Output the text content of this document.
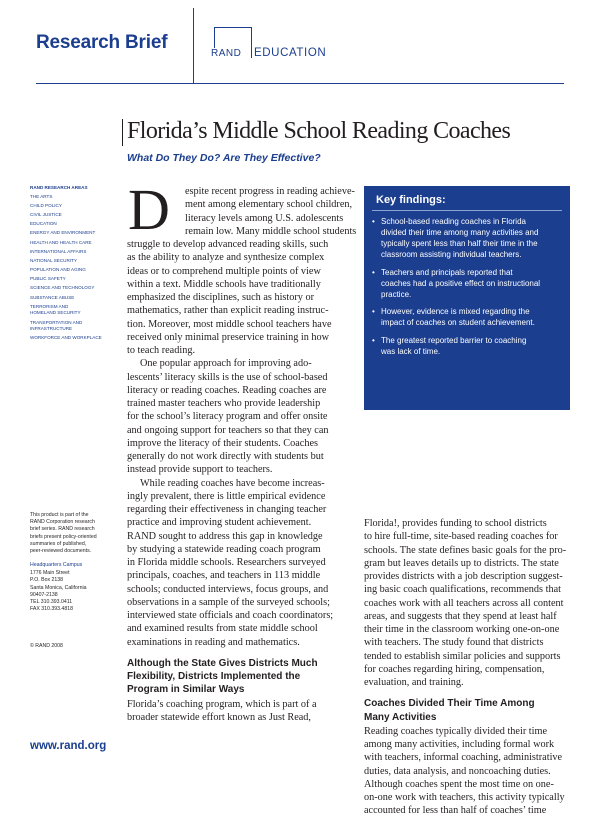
Research Brief
RAND EDUCATION
Florida’s Middle School Reading Coaches
What Do They Do? Are They Effective?
RAND RESEARCH AREAS
THE ARTS
CHILD POLICY
CIVIL JUSTICE
EDUCATION
ENERGY AND ENVIRONMENT
HEALTH AND HEALTH CARE
INTERNATIONAL AFFAIRS
NATIONAL SECURITY
POPULATION AND AGING
PUBLIC SAFETY
SCIENCE AND TECHNOLOGY
SUBSTANCE ABUSE
TERRORISM AND
HOMELAND SECURITY
TRANSPORTATION AND
INFRASTRUCTURE
WORKFORCE AND WORKPLACE
This product is part of the
RAND Corporation research
brief series. RAND research
briefs present policy-oriented
summaries of published,
peer-reviewed documents.
Headquarters Campus
1776 Main Street
P.O. Box 2138
Santa Monica, California
90407-2138
TEL 310.393.0411
FAX 310.393.4818
© RAND 2008
www.rand.org
D espite recent progress in reading achieve-
ment among elementary school children,
literacy levels among U.S. adolescents
remain low. Many middle school students
struggle to develop advanced reading skills, such
as the ability to analyze and synthesize complex
ideas or to comprehend multiple points of view
within a text. Middle schools have traditionally
emphasized the disciplines, such as history or
mathematics, rather than explicit reading instruc-
tion. Moreover, most middle school teachers have
received only minimal preservice training in how
to teach reading.
One popular approach for improving ado-
lescents’ literacy skills is the use of school-based
literacy or reading coaches. Reading coaches are
trained master teachers who provide leadership
for the school’s literacy program and offer onsite
and ongoing support for teachers so that they can
improve the literacy of their students. Coaches
generally do not work directly with students but
instead provide support to teachers.
While reading coaches have become increas-
ingly prevalent, there is little empirical evidence
regarding their effectiveness in changing teacher
practice and improving student achievement.
RAND sought to address this gap in knowledge
by studying a statewide reading coach program
in Florida middle schools. Researchers surveyed
principals, coaches, and teachers in 113 middle
schools; conducted interviews, focus groups, and
observations in a sample of the surveyed schools;
interviewed state officials and coach coordinators;
and examined results from state middle school
examinations in reading and mathematics.
Although the State Gives Districts Much
Flexibility, Districts Implemented the
Program in Similar Ways
Florida’s coaching program, which is part of a
broader statewide effort known as Just Read,
Key findings:
• School-based reading coaches in Florida
divided their time among many activities and
typically spent less than half their time in the
classroom assisting individual teachers.
• Teachers and principals reported that
coaches had a positive effect on instructional
practice.
• However, evidence is mixed regarding the
impact of coaches on student achievement.
• The greatest reported barrier to coaching
was lack of time.
Florida!, provides funding to school districts
to hire full-time, site-based reading coaches for
schools. The state defines basic goals for the pro-
gram but leaves details up to districts. The state
provides districts with a job description suggest-
ing basic coach qualifications, recommends that
coaches work with all teachers across all content
areas, and suggests that they spend at least half
their time in the classroom working one-on-one
with teachers. The study found that districts
tended to establish similar policies and supports
for coaches regarding hiring, compensation,
evaluation, and training.
Coaches Divided Their Time Among
Many Activities
Reading coaches typically divided their time
among many activities, including formal work
with teachers, informal coaching, administrative
duties, data analysis, and noncoaching duties.
Although coaches spent the most time on one-
on-one work with teachers, this activity typically
accounted for less than half of coaches’ time
